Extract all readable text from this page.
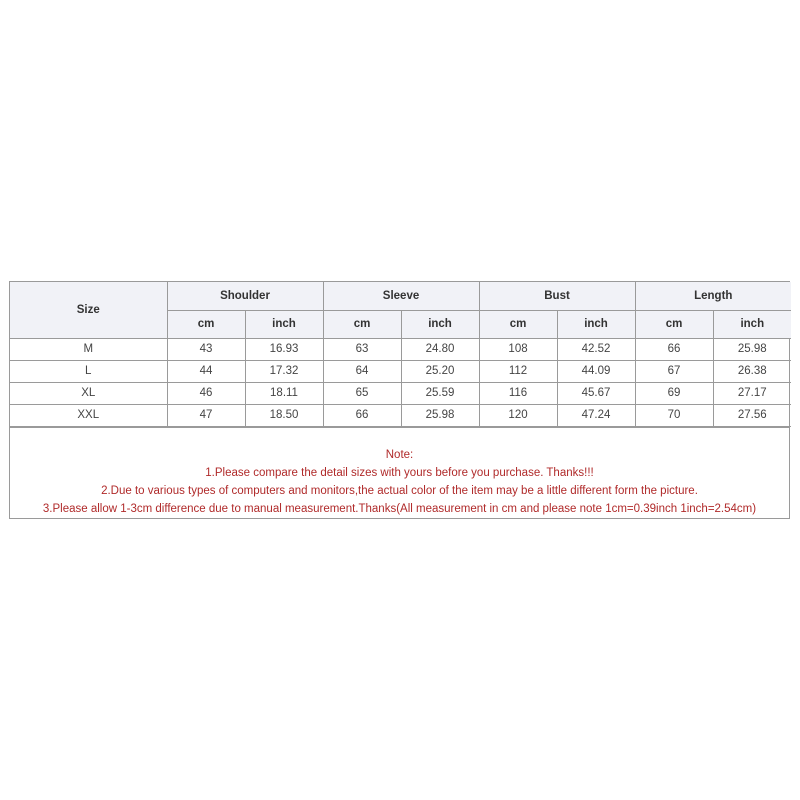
Size	Shoulder		Sleeve		Bust		Length	
	cm	inch	cm	inch	cm	inch	cm	inch
M	43	16.93	63	24.80	108	42.52	66	25.98
L	44	17.32	64	25.20	112	44.09	67	26.38
XL	46	18.11	65	25.59	116	45.67	69	27.17
XXL	47	18.50	66	25.98	120	47.24	70	27.56
Note:
1.Please compare the detail sizes with yours before you purchase. Thanks!!!
2.Due to various types of computers and monitors,the actual color of the item may be a little different form the picture.
3.Please allow 1-3cm difference due to manual measurement.Thanks(All measurement in cm and please note 1cm=0.39inch 1inch=2.54cm)
